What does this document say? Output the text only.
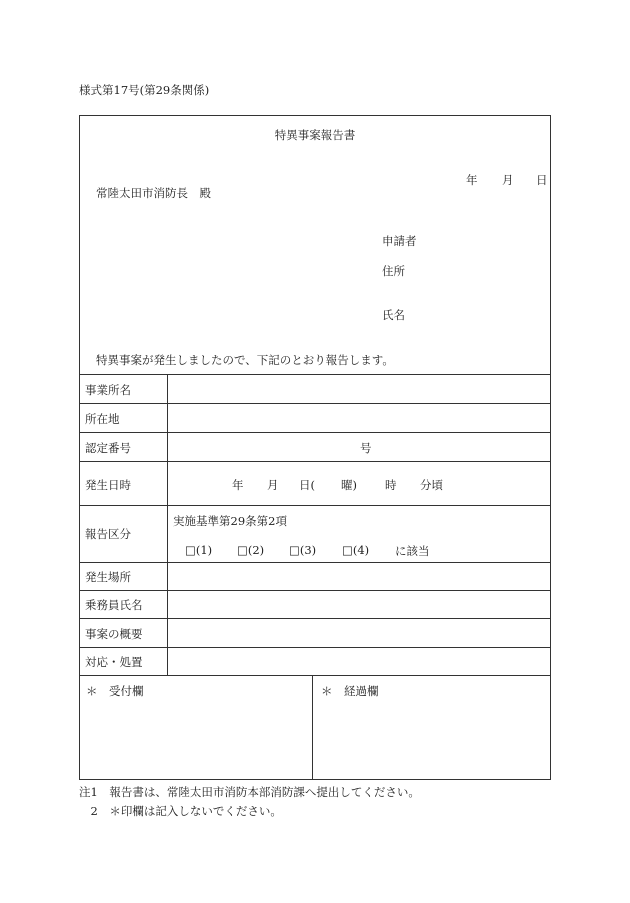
様式第17号(第29条関係)
特異事案報告書
年 月 日
常陸太田市消防長　殿
申請者
住所
氏名
特異事案が発生しましたので、下記のとおり報告します。
事業所名
所在地
認定番号	号
発生日時	年 月 日( 曜) 時 分頃
報告区分
実施基準第29条第2項
□(1) □(2) □(3) □(4) に該当
発生場所
乗務員氏名
事案の概要
対応・処置
＊　受付欄	＊　経過欄
注1　報告書は、常陸太田市消防本部消防課へ提出してください。
　2　＊印欄は記入しないでください。
